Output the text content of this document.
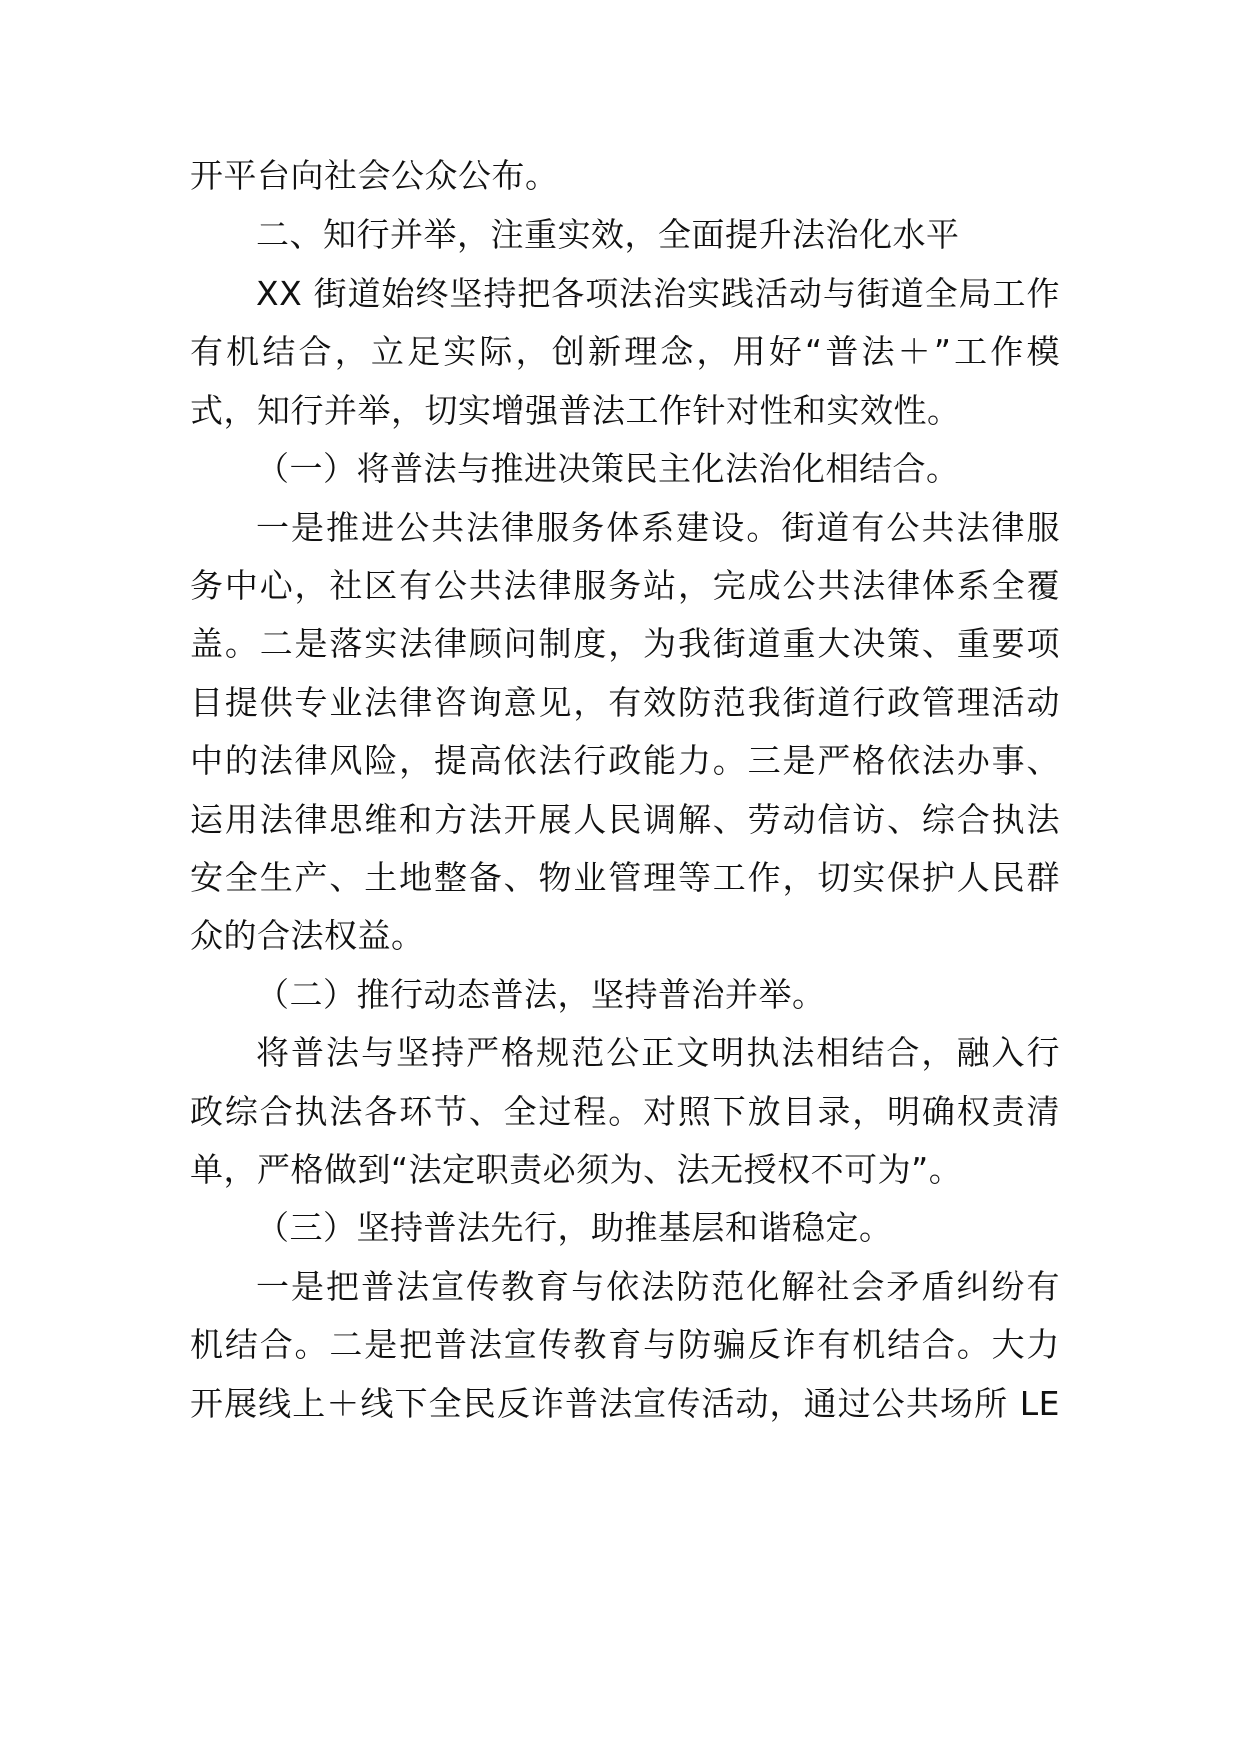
开平台向社会公众公布。
二、知行并举，注重实效，全面提升法治化水平
XX 街道始终坚持把各项法治实践活动与街道全局工作
有机结合，立足实际，创新理念，用好“普法＋”工作模
式，知行并举，切实增强普法工作针对性和实效性。
（一）将普法与推进决策民主化法治化相结合。
一是推进公共法律服务体系建设。街道有公共法律服
务中心，社区有公共法律服务站，完成公共法律体系全覆
盖。二是落实法律顾问制度，为我街道重大决策、重要项
目提供专业法律咨询意见，有效防范我街道行政管理活动
中的法律风险，提高依法行政能力。三是严格依法办事、
运用法律思维和方法开展人民调解、劳动信访、综合执法
安全生产、土地整备、物业管理等工作，切实保护人民群
众的合法权益。
（二）推行动态普法，坚持普治并举。
将普法与坚持严格规范公正文明执法相结合，融入行
政综合执法各环节、全过程。对照下放目录，明确权责清
单，严格做到“法定职责必须为、法无授权不可为”。
（三）坚持普法先行，助推基层和谐稳定。
一是把普法宣传教育与依法防范化解社会矛盾纠纷有
机结合。二是把普法宣传教育与防骗反诈有机结合。大力
开展线上＋线下全民反诈普法宣传活动，通过公共场所 LE
